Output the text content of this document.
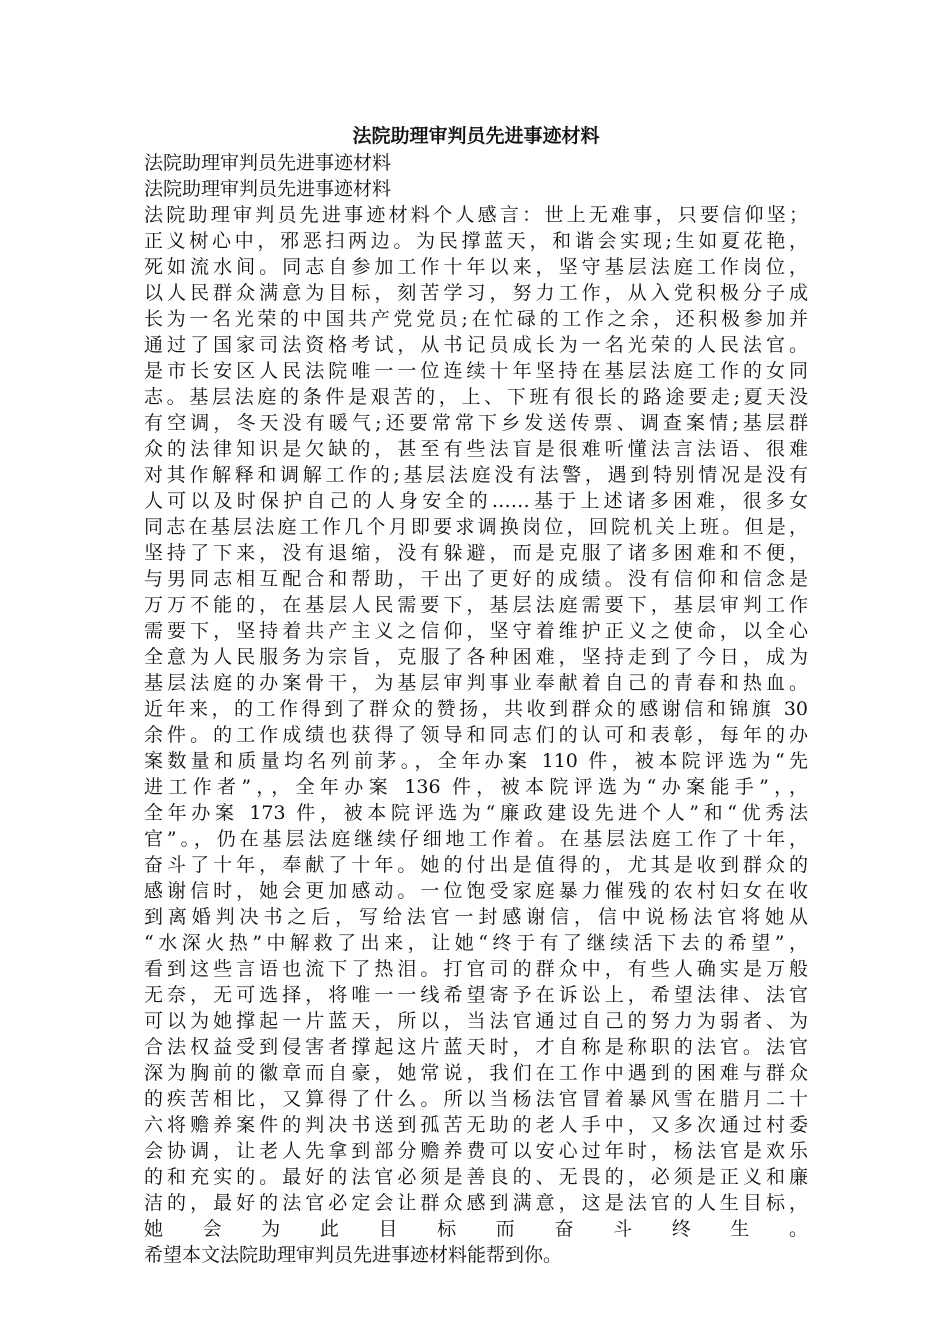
法院助理审判员先进事迹材料
法院助理审判员先进事迹材料
法院助理审判员先进事迹材料
法院助理审判员先进事迹材料个人感言：世上无难事，只要信仰坚；
正义树心中，邪恶扫两边。为民撑蓝天，和谐会实现;生如夏花艳，
死如流水间。同志自参加工作十年以来，坚守基层法庭工作岗位，
以人民群众满意为目标，刻苦学习，努力工作，从入党积极分子成
长为一名光荣的中国共产党党员;在忙碌的工作之余，还积极参加并
通过了国家司法资格考试，从书记员成长为一名光荣的人民法官。
是市长安区人民法院唯一一位连续十年坚持在基层法庭工作的女同
志。基层法庭的条件是艰苦的，上、下班有很长的路途要走;夏天没
有空调，冬天没有暖气;还要常常下乡发送传票、调查案情;基层群
众的法律知识是欠缺的，甚至有些法盲是很难听懂法言法语、很难
对其作解释和调解工作的;基层法庭没有法警，遇到特别情况是没有
人可以及时保护自己的人身安全的……基于上述诸多困难，很多女
同志在基层法庭工作几个月即要求调换岗位，回院机关上班。但是，
坚持了下来，没有退缩，没有躲避，而是克服了诸多困难和不便，
与男同志相互配合和帮助，干出了更好的成绩。没有信仰和信念是
万万不能的，在基层人民需要下，基层法庭需要下，基层审判工作
需要下，坚持着共产主义之信仰，坚守着维护正义之使命，以全心
全意为人民服务为宗旨，克服了各种困难，坚持走到了今日，成为
基层法庭的办案骨干，为基层审判事业奉献着自己的青春和热血。
近年来，的工作得到了群众的赞扬，共收到群众的感谢信和锦旗 30
余件。的工作成绩也获得了领导和同志们的认可和表彰，每年的办
案数量和质量均名列前茅。，全年办案 110 件，被本院评选为“先
进工作者”，，全年办案 136 件，被本院评选为“办案能手”，，
全年办案 173 件，被本院评选为“廉政建设先进个人”和“优秀法
官”。，仍在基层法庭继续仔细地工作着。在基层法庭工作了十年，
奋斗了十年，奉献了十年。她的付出是值得的，尤其是收到群众的
感谢信时，她会更加感动。一位饱受家庭暴力催残的农村妇女在收
到离婚判决书之后，写给法官一封感谢信，信中说杨法官将她从
“水深火热”中解救了出来，让她“终于有了继续活下去的希望”，
看到这些言语也流下了热泪。打官司的群众中，有些人确实是万般
无奈，无可选择，将唯一一线希望寄予在诉讼上，希望法律、法官
可以为她撑起一片蓝天，所以，当法官通过自己的努力为弱者、为
合法权益受到侵害者撑起这片蓝天时，才自称是称职的法官。法官
深为胸前的徽章而自豪，她常说，我们在工作中遇到的困难与群众
的疾苦相比，又算得了什么。所以当杨法官冒着暴风雪在腊月二十
六将赡养案件的判决书送到孤苦无助的老人手中，又多次通过村委
会协调，让老人先拿到部分赡养费可以安心过年时，杨法官是欢乐
的和充实的。最好的法官必须是善良的、无畏的，必须是正义和廉
洁的，最好的法官必定会让群众感到满意，这是法官的人生目标，
她会为此目标而奋斗终生。
希望本文法院助理审判员先进事迹材料能帮到你。
